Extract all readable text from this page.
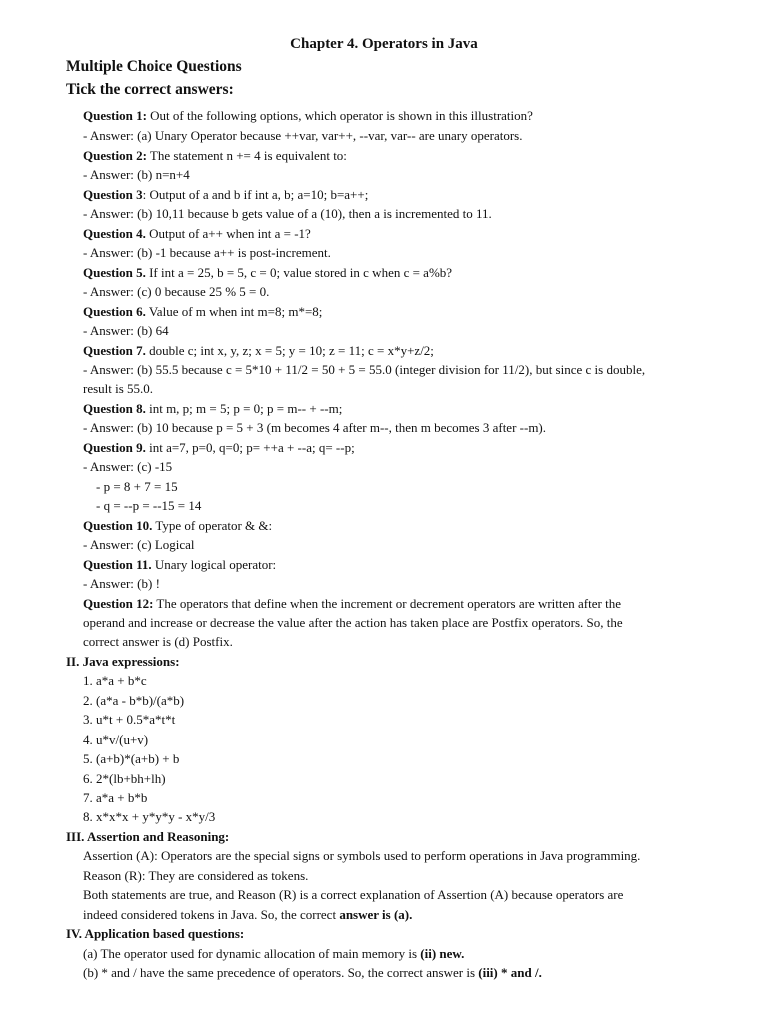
Chapter 4. Operators in Java
Multiple Choice Questions
Tick the correct answers:
Question 1: Out of the following options, which operator is shown in this illustration?
- Answer: (a) Unary Operator because ++var, var++, --var, var-- are unary operators.
Question 2: The statement n += 4 is equivalent to:
- Answer: (b) n=n+4
Question 3: Output of a and b if int a, b; a=10; b=a++;
- Answer: (b) 10,11 because b gets value of a (10), then a is incremented to 11.
Question 4. Output of a++ when int a = -1?
- Answer: (b) -1 because a++ is post-increment.
Question 5. If int a = 25, b = 5, c = 0; value stored in c when c = a%b?
- Answer: (c) 0 because 25 % 5 = 0.
Question 6. Value of m when int m=8; m*=8;
- Answer: (b) 64
Question 7. double c; int x, y, z; x = 5; y = 10; z = 11; c = x*y+z/2;
- Answer: (b) 55.5 because c = 5*10 + 11/2 = 50 + 5 = 55.0 (integer division for 11/2), but since c is double,
result is 55.0.
Question 8. int m, p; m = 5; p = 0; p = m-- + --m;
- Answer: (b) 10 because p = 5 + 3 (m becomes 4 after m--, then m becomes 3 after --m).
Question 9. int a=7, p=0, q=0; p= ++a + --a; q= --p;
- Answer: (c) -15
- p = 8 + 7 = 15
- q = --p = --15 = 14
Question 10. Type of operator & &:
- Answer: (c) Logical
Question 11. Unary logical operator:
- Answer: (b) !
Question 12: The operators that define when the increment or decrement operators are written after the
operand and increase or decrease the value after the action has taken place are Postfix operators. So, the
correct answer is (d) Postfix.
II. Java expressions:
1. a*a + b*c
2. (a*a - b*b)/(a*b)
3. u*t + 0.5*a*t*t
4. u*v/(u+v)
5. (a+b)*(a+b) + b
6. 2*(lb+bh+lh)
7. a*a + b*b
8. x*x*x + y*y*y - x*y/3
III. Assertion and Reasoning:
Assertion (A): Operators are the special signs or symbols used to perform operations in Java programming.
Reason (R): They are considered as tokens.
Both statements are true, and Reason (R) is a correct explanation of Assertion (A) because operators are
indeed considered tokens in Java. So, the correct answer is (a).
IV. Application based questions:
(a) The operator used for dynamic allocation of main memory is (ii) new.
(b) * and / have the same precedence of operators. So, the correct answer is (iii) * and /.
